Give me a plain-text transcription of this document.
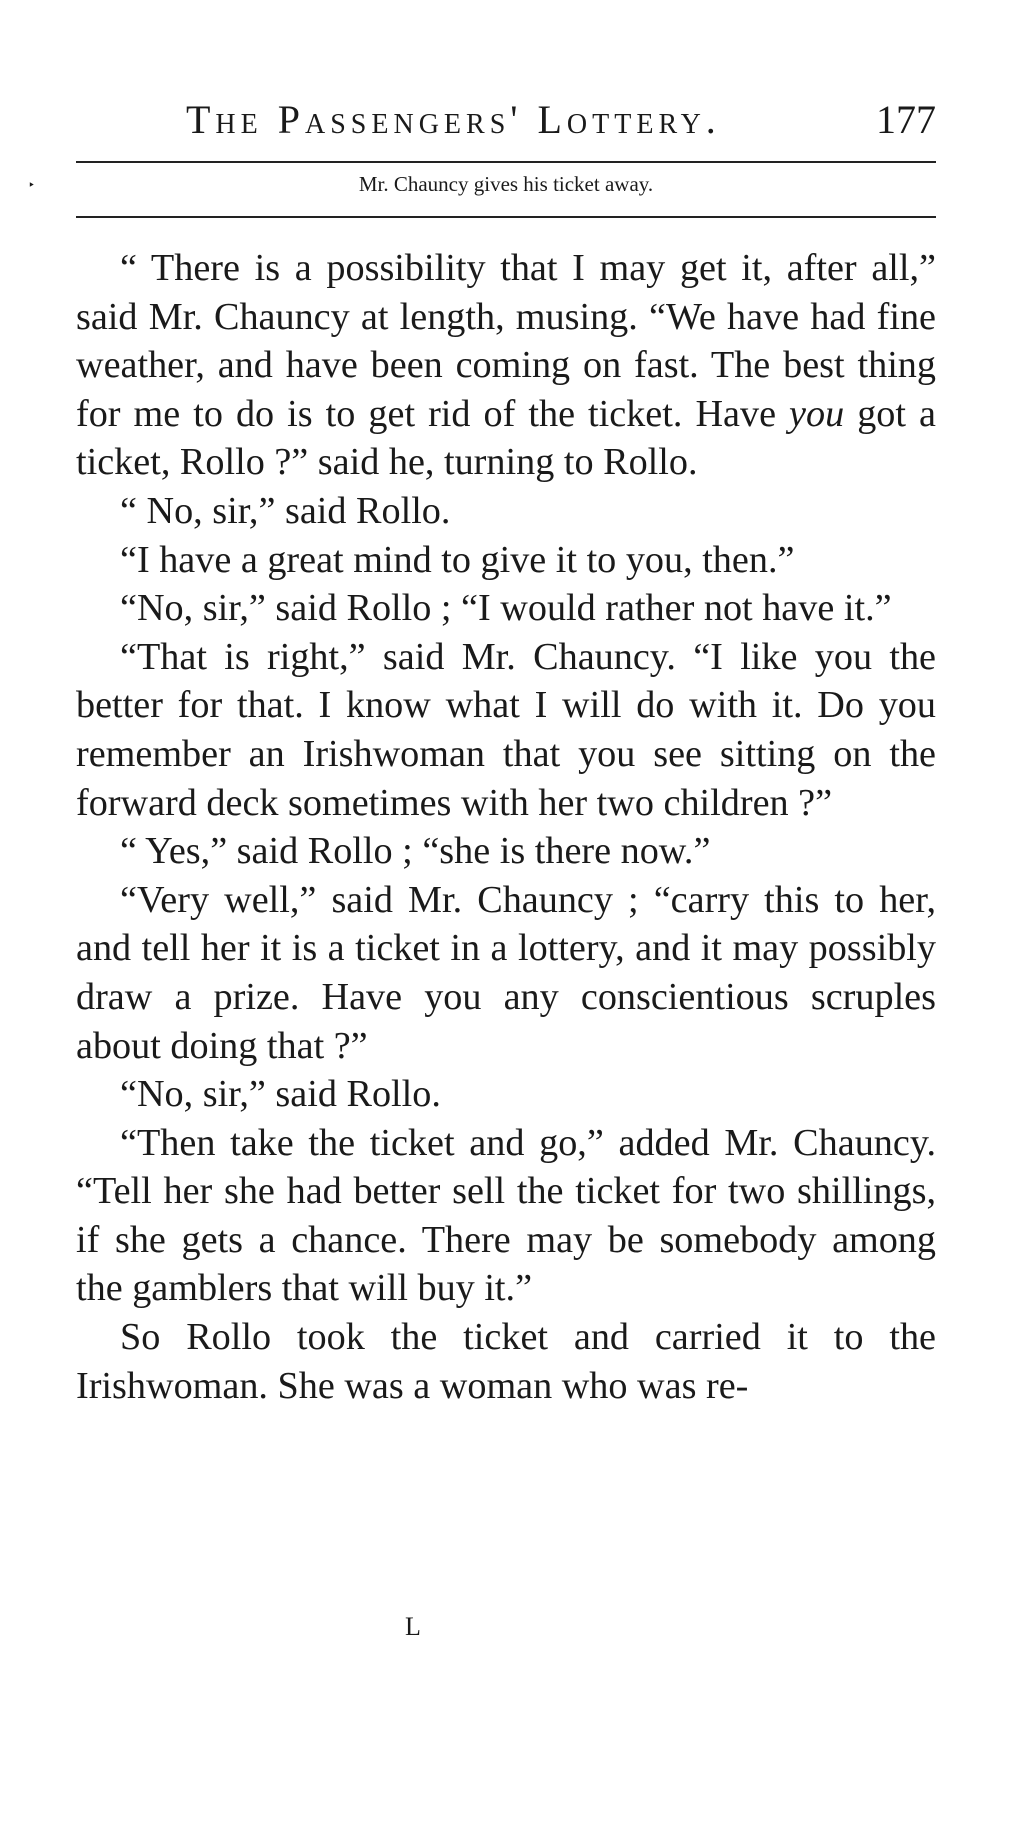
The Passengers' Lottery.	177
‣	Mr. Chauncy gives his ticket away.

“ There is a possibility that I may get it, after all,” said Mr. Chauncy at length, musing. “We have had fine weather, and have been coming on fast. The best thing for me to do is to get rid of the ticket. Have you got a ticket, Rollo ?” said he, turning to Rollo.

“ No, sir,” said Rollo.

“I have a great mind to give it to you, then.”

“No, sir,” said Rollo ; “I would rather not have it.”

“That is right,” said Mr. Chauncy. “I like you the better for that. I know what I will do with it. Do you remember an Irishwoman that you see sitting on the forward deck sometimes with her two children ?”

“ Yes,” said Rollo ; “she is there now.”

“Very well,” said Mr. Chauncy ; “carry this to her, and tell her it is a ticket in a lottery, and it may possibly draw a prize. Have you any conscientious scruples about doing that ?”

“No, sir,” said Rollo.

“Then take the ticket and go,” added Mr. Chauncy. “Tell her she had better sell the ticket for two shillings, if she gets a chance. There may be somebody among the gamblers that will buy it.”

So Rollo took the ticket and carried it to the Irishwoman. She was a woman who was re-

L
